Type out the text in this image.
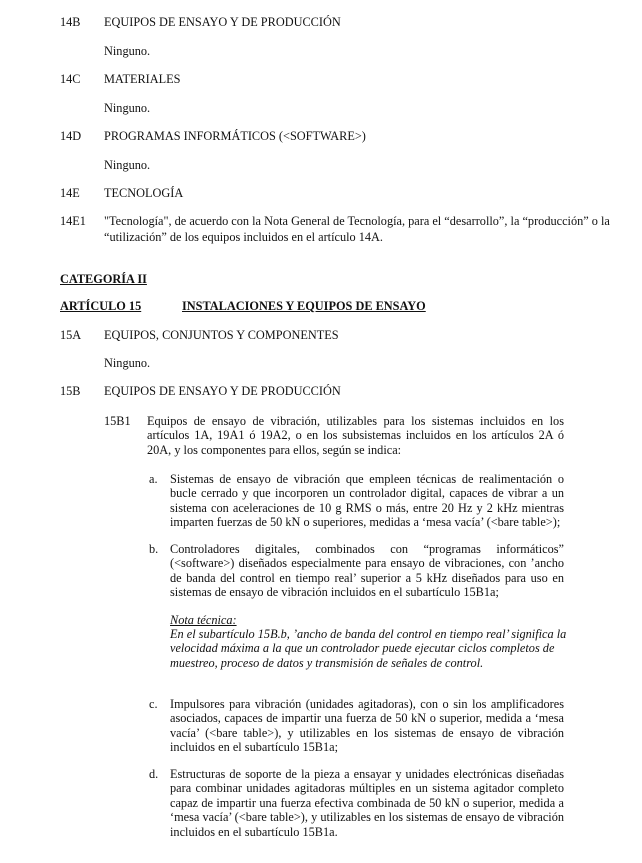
14B EQUIPOS DE ENSAYO Y DE PRODUCCIÓN
Ninguno.
14C MATERIALES
Ninguno.
14D PROGRAMAS INFORMÁTICOS (<SOFTWARE>)
Ninguno.
14E TECNOLOGÍA
14E1 "Tecnología", de acuerdo con la Nota General de Tecnología, para el “desarrollo”, la “producción” o la
“utilización” de los equipos incluidos en el artículo 14A.
CATEGORÍA II
ARTÍCULO 15	INSTALACIONES Y EQUIPOS DE ENSAYO
15A EQUIPOS, CONJUNTOS Y COMPONENTES
Ninguno.
15B EQUIPOS DE ENSAYO Y DE PRODUCCIÓN
15B1 Equipos de ensayo de vibración, utilizables para los sistemas incluidos en los artículos 1A, 19A1 ó 19A2, o en los subsistemas incluidos en los artículos 2A ó 20A, y los componentes para ellos, según se indica:
a. Sistemas de ensayo de vibración que empleen técnicas de realimentación o bucle cerrado y que incorporen un controlador digital, capaces de vibrar a un sistema con aceleraciones de 10 g RMS o más, entre 20 Hz y 2 kHz mientras imparten fuerzas de 50 kN o superiores, medidas a ‘mesa vacía’ (<bare table>);
b. Controladores digitales, combinados con “programas informáticos” (<software>) diseñados especialmente para ensayo de vibraciones, con ’ancho de banda del control en tiempo real’ superior a 5 kHz diseñados para uso en sistemas de ensayo de vibración incluidos en el subartículo 15B1a;
Nota técnica:
En el subartículo 15B.b, ’ancho de banda del control en tiempo real’ significa la velocidad máxima a la que un controlador puede ejecutar ciclos completos de muestreo, proceso de datos y transmisión de señales de control.
c. Impulsores para vibración (unidades agitadoras), con o sin los amplificadores asociados, capaces de impartir una fuerza de 50 kN o superior, medida a ‘mesa vacía’ (<bare table>), y utilizables en los sistemas de ensayo de vibración incluidos en el subartículo 15B1a;
d. Estructuras de soporte de la pieza a ensayar y unidades electrónicas diseñadas para combinar unidades agitadoras múltiples en un sistema agitador completo capaz de impartir una fuerza efectiva combinada de 50 kN o superior, medida a ‘mesa vacía’ (<bare table>), y utilizables en los sistemas de ensayo de vibración incluidos en el subartículo 15B1a.
